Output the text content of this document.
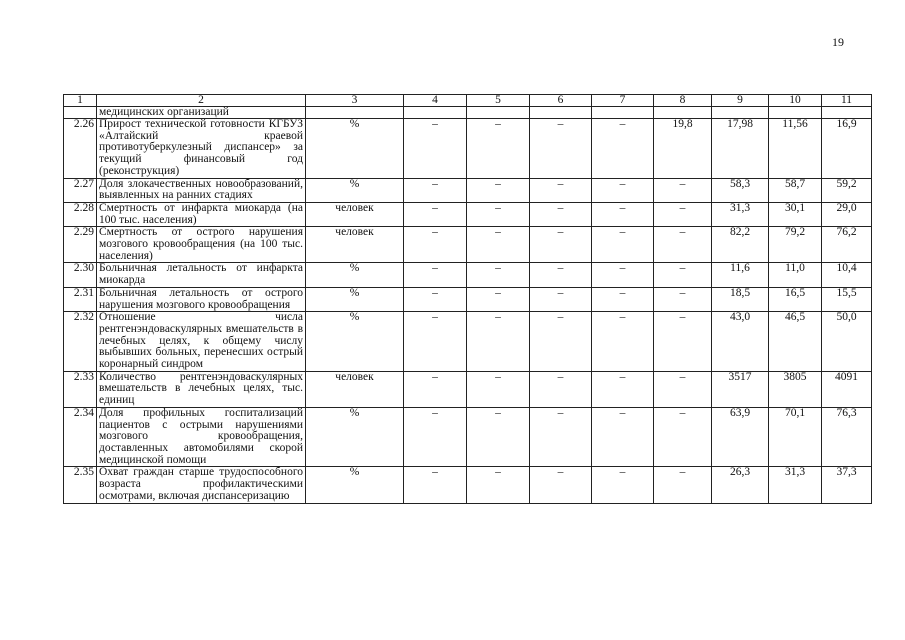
19
1	2	3	4	5	6	7	8	9	10	11
	медицинских организаций									
2.26	Прирост технической готовности КГБУЗ «Алтайский краевой противотуберкулезный диспансер» за текущий финансовый год (реконструкция)	%	–	–	–	–	19,8	17,98	11,56	16,9
2.27	Доля злокачественных новообразований, выявленных на ранних стадиях	%	–	–	–	–	–	58,3	58,7	59,2
2.28	Смертность от инфаркта миокарда (на 100 тыс. населения)	человек	–	–	–	–	–	31,3	30,1	29,0
2.29	Смертность от острого нарушения мозгового кровообращения (на 100 тыс. населения)	человек	–	–	–	–	–	82,2	79,2	76,2
2.30	Больничная летальность от инфаркта миокарда	%	–	–	–	–	–	11,6	11,0	10,4
2.31	Больничная летальность от острого нарушения мозгового кровообращения	%	–	–	–	–	–	18,5	16,5	15,5
2.32	Отношение числа рентгенэндоваскулярных вмешательств в лечебных целях, к общему числу выбывших больных, перенесших острый коронарный синдром	%	–	–	–	–	–	43,0	46,5	50,0
2.33	Количество рентгенэндоваскулярных вмешательств в лечебных целях, тыс. единиц	человек	–	–	–	–	–	3517	3805	4091
2.34	Доля профильных госпитализаций пациентов с острыми нарушениями мозгового кровообращения, доставленных автомобилями скорой медицинской помощи	%	–	–	–	–	–	63,9	70,1	76,3
2.35	Охват граждан старше трудоспособного возраста профилактическими осмотрами, включая диспансеризацию	%	–	–	–	–	–	26,3	31,3	37,3
